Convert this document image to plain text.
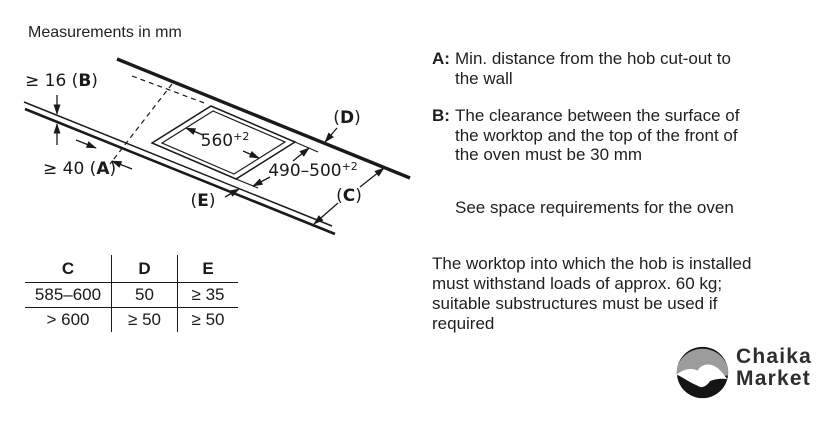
Measurements in mm
≥ 16 (B)
≥ 40 (A)
$560^{+2}$
$490-500^{+2}$
(D)
(C)
(E)
C	D	E
585–600	50	≥ 35
> 600	≥ 50	≥ 50
A: Min. distance from the hob cut-out to
the wall
B: The clearance between the surface of
the worktop and the top of the front of
the oven must be 30 mm
See space requirements for the oven
The worktop into which the hob is installed
must withstand loads of approx. 60 kg;
suitable substructures must be used if
required
Chaika
Market
